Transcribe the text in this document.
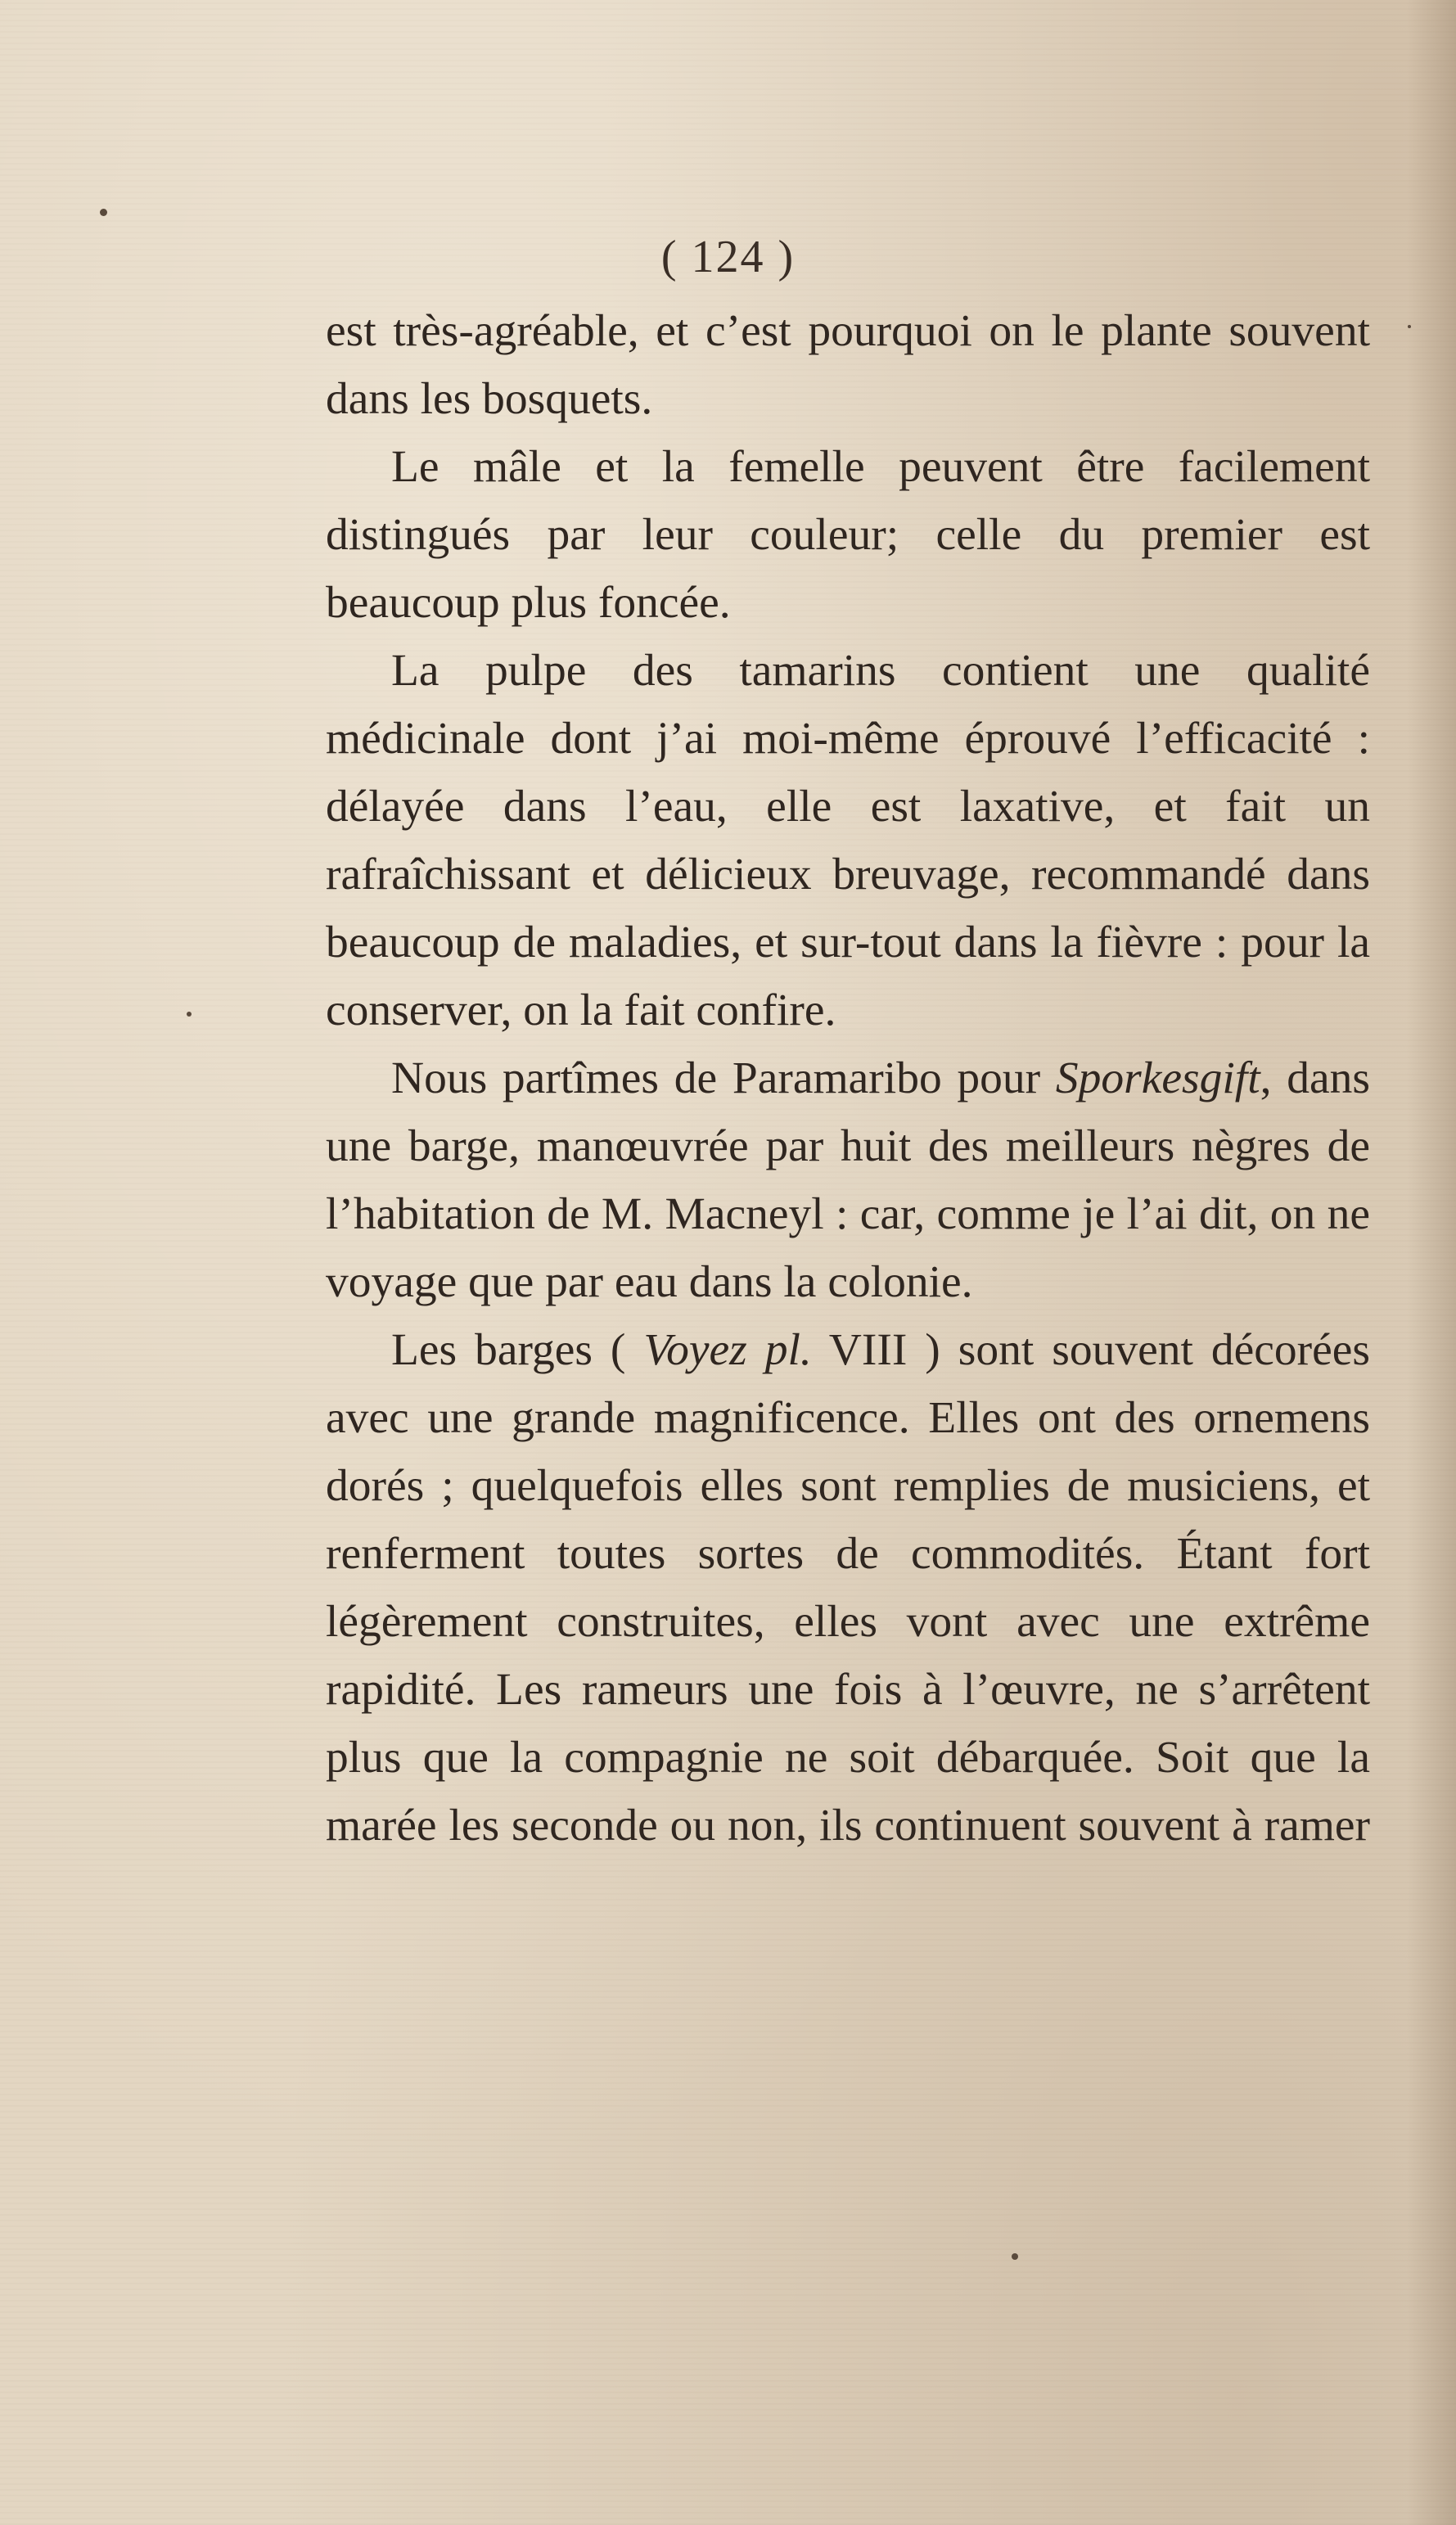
( 124 )

est très-agréable, et c’est pourquoi on le plante souvent dans les bosquets.

Le mâle et la femelle peuvent être facilement distingués par leur couleur; celle du premier est beaucoup plus foncée.

La pulpe des tamarins contient une qualité médicinale dont j’ai moi-même éprouvé l’efficacité : délayée dans l’eau, elle est laxative, et fait un rafraîchissant et délicieux breuvage, recommandé dans beaucoup de maladies, et sur-tout dans la fièvre : pour la conserver, on la fait confire.

Nous partîmes de Paramaribo pour Sporkesgift, dans une barge, manœuvrée par huit des meilleurs nègres de l’habitation de M. Macneyl : car, comme je l’ai dit, on ne voyage que par eau dans la colonie.

Les barges ( Voyez pl. VIII ) sont souvent décorées avec une grande magnificence. Elles ont des ornemens dorés ; quelquefois elles sont remplies de musiciens, et renferment toutes sortes de commodités. Étant fort légèrement construites, elles vont avec une extrême rapidité. Les rameurs une fois à l’œuvre, ne s’arrêtent plus que la compagnie ne soit débarquée. Soit que la marée les seconde ou non, ils continuent souvent à ramer
